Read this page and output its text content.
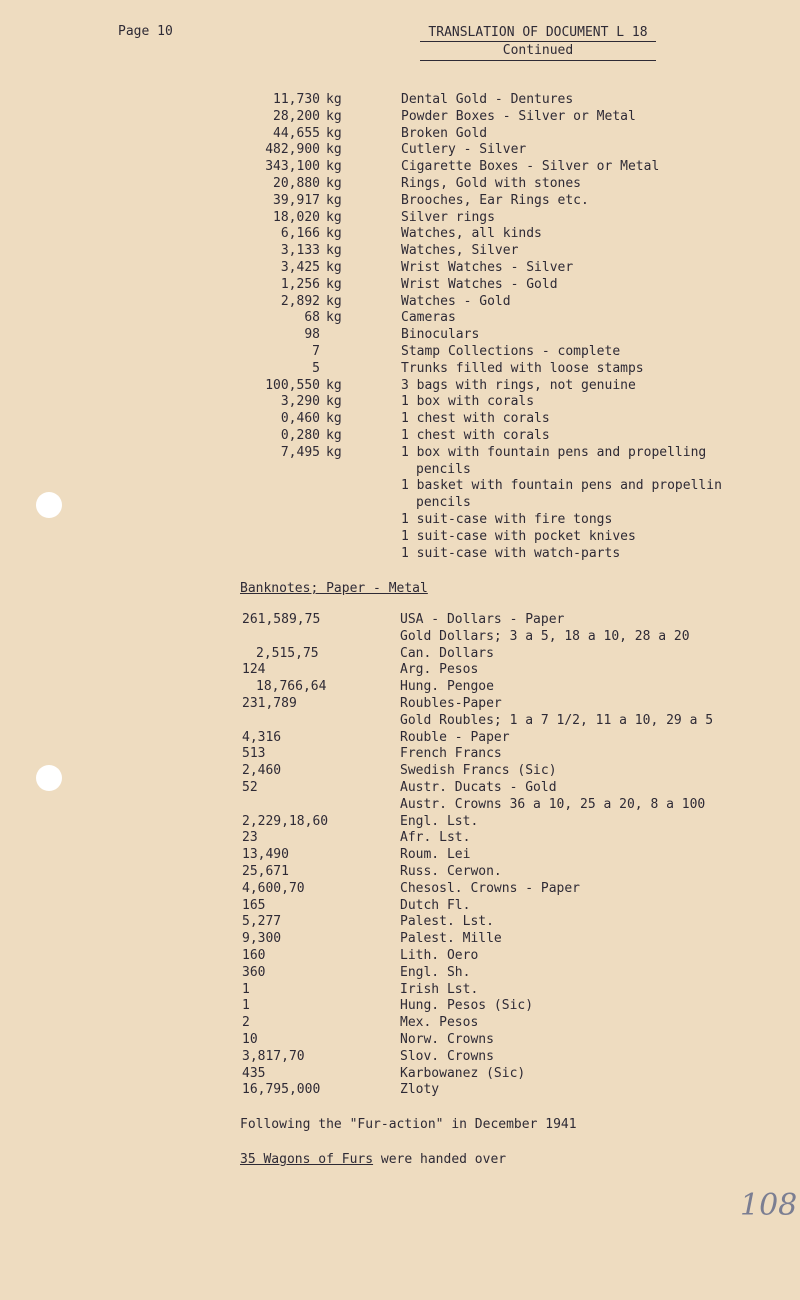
Page 10	TRANSLATION OF DOCUMENT L 18
Continued
11,730 kg	Dental Gold - Dentures
28,200 kg	Powder Boxes - Silver or Metal
44,655 kg	Broken Gold
482,900 kg	Cutlery - Silver
343,100 kg	Cigarette Boxes - Silver or Metal
20,880 kg	Rings, Gold with stones
39,917 kg	Brooches, Ear Rings etc.
18,020 kg	Silver rings
6,166 kg	Watches, all kinds
3,133 kg	Watches, Silver
3,425 kg	Wrist Watches - Silver
1,256 kg	Wrist Watches - Gold
2,892 kg	Watches - Gold
68 kg	Cameras
98	Binoculars
7	Stamp Collections - complete
5	Trunks filled with loose stamps
100,550 kg	3 bags with rings, not genuine
3,290 kg	1 box with corals
0,460 kg	1 chest with corals
0,280 kg	1 chest with corals
7,495 kg	1 box with fountain pens and propelling
pencils
1 basket with fountain pens and propellin
pencils
1 suit-case with fire tongs
1 suit-case with pocket knives
1 suit-case with watch-parts
Banknotes; Paper - Metal
261,589,75	USA - Dollars - Paper
Gold Dollars; 3 a 5, 18 a 10, 28 a 20
2,515,75	Can. Dollars
124	Arg. Pesos
18,766,64	Hung. Pengoe
231,789	Roubles-Paper
Gold Roubles; 1 a 7 1/2, 11 a 10, 29 a 5
4,316	Rouble - Paper
513	French Francs
2,460	Swedish Francs (Sic)
52	Austr. Ducats - Gold
Austr. Crowns 36 a 10, 25 a 20, 8 a 100
2,229,18,60	Engl. Lst.
23	Afr. Lst.
13,490	Roum. Lei
25,671	Russ. Cerwon.
4,600,70	Chesosl. Crowns - Paper
165	Dutch Fl.
5,277	Palest. Lst.
9,300	Palest. Mille
160	Lith. Oero
360	Engl. Sh.
1	Irish Lst.
1	Hung. Pesos (Sic)
2	Mex. Pesos
10	Norw. Crowns
3,817,70	Slov. Crowns
435	Karbowanez (Sic)
16,795,000	Zloty
Following the "Fur-action" in December 1941
35 Wagons of Furs were handed over
108
